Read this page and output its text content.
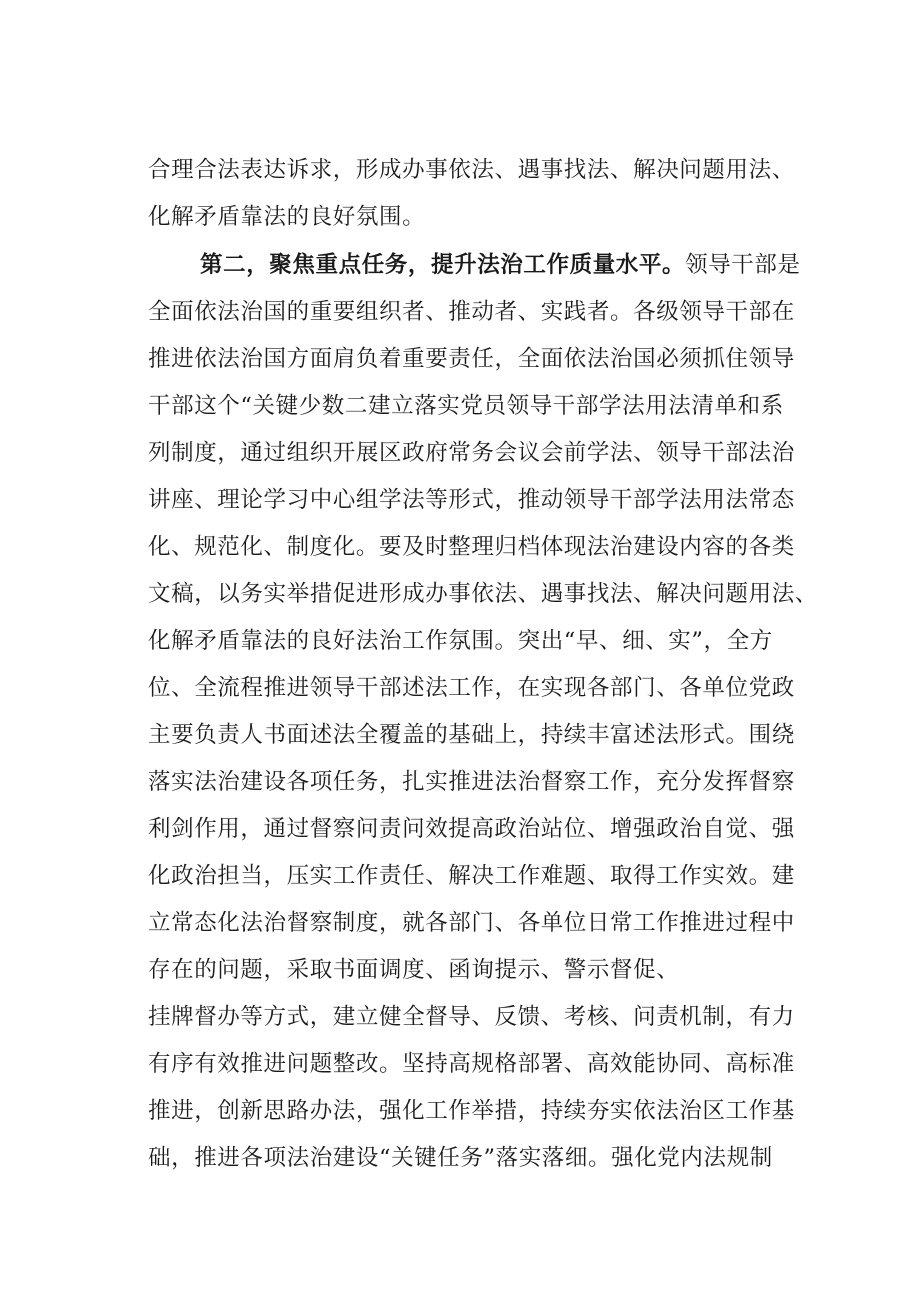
合理合法表达诉求，形成办事依法、遇事找法、解决问题用法、
化解矛盾靠法的良好氛围。
第二，聚焦重点任务，提升法治工作质量水平。领导干部是
全面依法治国的重要组织者、推动者、实践者。各级领导干部在
推进依法治国方面肩负着重要责任，全面依法治国必须抓住领导
干部这个“关键少数二建立落实党员领导干部学法用法清单和系
列制度，通过组织开展区政府常务会议会前学法、领导干部法治
讲座、理论学习中心组学法等形式，推动领导干部学法用法常态
化、规范化、制度化。要及时整理归档体现法治建设内容的各类
文稿，以务实举措促进形成办事依法、遇事找法、解决问题用法、
化解矛盾靠法的良好法治工作氛围。突出“早、细、实”，全方
位、全流程推进领导干部述法工作，在实现各部门、各单位党政
主要负责人书面述法全覆盖的基础上，持续丰富述法形式。围绕
落实法治建设各项任务，扎实推进法治督察工作，充分发挥督察
利剑作用，通过督察问责问效提高政治站位、增强政治自觉、强
化政治担当，压实工作责任、解决工作难题、取得工作实效。建
立常态化法治督察制度，就各部门、各单位日常工作推进过程中
存在的问题，采取书面调度、函询提示、警示督促、
挂牌督办等方式，建立健全督导、反馈、考核、问责机制，有力
有序有效推进问题整改。坚持高规格部署、高效能协同、高标准
推进，创新思路办法，强化工作举措，持续夯实依法治区工作基
础，推进各项法治建设“关键任务”落实落细。强化党内法规制
